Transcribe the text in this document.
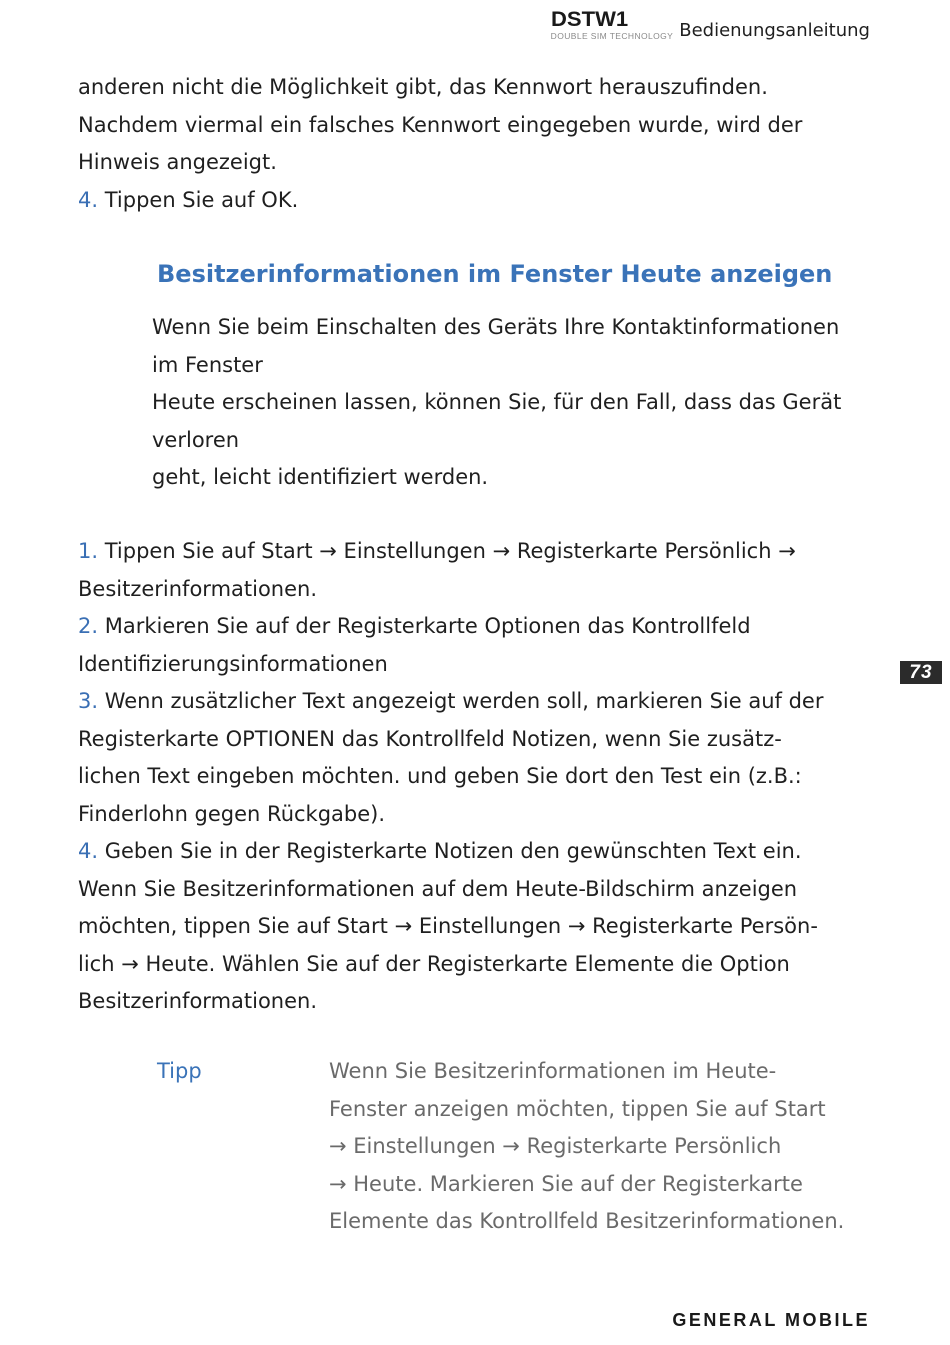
DSTW1
DOUBLE SIM TECHNOLOGY Bedienungsanleitung
anderen nicht die Möglichkeit gibt, das Kennwort herauszufinden.
Nachdem viermal ein falsches Kennwort eingegeben wurde, wird der
Hinweis angezeigt.
4. Tippen Sie auf OK.
Besitzerinformationen im Fenster Heute anzeigen
Wenn Sie beim Einschalten des Geräts Ihre Kontaktinformationen
im Fenster
Heute erscheinen lassen, können Sie, für den Fall, dass das Gerät
verloren
geht, leicht identifiziert werden.
1. Tippen Sie auf Start → Einstellungen → Registerkarte Persönlich →
Besitzerinformationen.
2. Markieren Sie auf der Registerkarte Optionen das Kontrollfeld
Identifizierungsinformationen
3. Wenn zusätzlicher Text angezeigt werden soll, markieren Sie auf der
Registerkarte OPTIONEN das Kontrollfeld Notizen, wenn Sie zusätz-
lichen Text eingeben möchten. und geben Sie dort den Test ein (z.B.:
Finderlohn gegen Rückgabe).
4. Geben Sie in der Registerkarte Notizen den gewünschten Text ein.
Wenn Sie Besitzerinformationen auf dem Heute-Bildschirm anzeigen
möchten, tippen Sie auf Start → Einstellungen → Registerkarte Persön-
lich → Heute. Wählen Sie auf der Registerkarte Elemente die Option
Besitzerinformationen.
73
Tipp	Wenn Sie Besitzerinformationen im Heute-
Fenster anzeigen möchten, tippen Sie auf Start
→ Einstellungen → Registerkarte Persönlich
→ Heute. Markieren Sie auf der Registerkarte
Elemente das Kontrollfeld Besitzerinformationen.
GENERAL MOBILE
